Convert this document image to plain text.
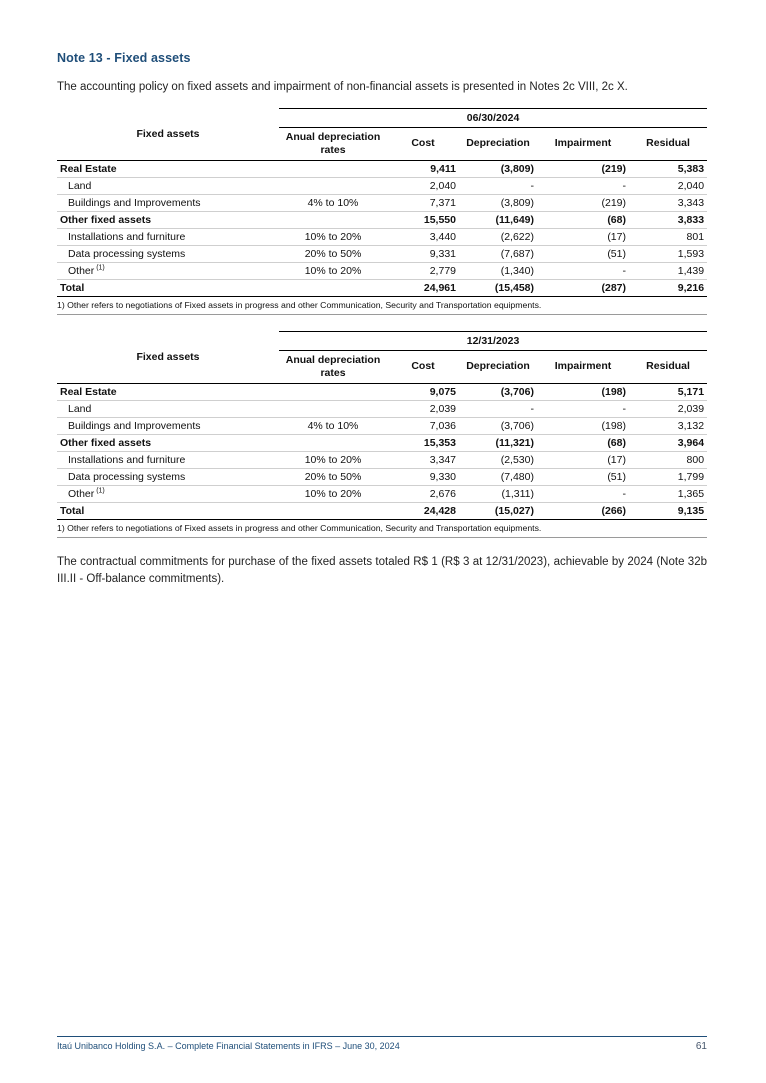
Note 13 - Fixed assets

The accounting policy on fixed assets and impairment of non-financial assets is presented in Notes 2c VIII, 2c X.

Fixed assets	06/30/2024				
	Anual depreciation rates	Cost	Depreciation	Impairment	Residual
Real Estate		9,411	(3,809)	(219)	5,383
Land		2,040	-	-	2,040
Buildings and Improvements	4% to 10%	7,371	(3,809)	(219)	3,343
Other fixed assets		15,550	(11,649)	(68)	3,833
Installations and furniture	10% to 20%	3,440	(2,622)	(17)	801
Data processing systems	20% to 50%	9,331	(7,687)	(51)	1,593
Other $^{(1)}$	10% to 20%	2,779	(1,340)	-	1,439
Total		24,961	(15,458)	(287)	9,216
1) Other refers to negotiations of Fixed assets in progress and other Communication, Security and Transportation equipments.
Fixed assets	12/31/2023				
	Anual depreciation rates	Cost	Depreciation	Impairment	Residual
Real Estate		9,075	(3,706)	(198)	5,171
Land		2,039	-	-	2,039
Buildings and Improvements	4% to 10%	7,036	(3,706)	(198)	3,132
Other fixed assets		15,353	(11,321)	(68)	3,964
Installations and furniture	10% to 20%	3,347	(2,530)	(17)	800
Data processing systems	20% to 50%	9,330	(7,480)	(51)	1,799
Other $^{(1)}$	10% to 20%	2,676	(1,311)	-	1,365
Total		24,428	(15,027)	(266)	9,135
1) Other refers to negotiations of Fixed assets in progress and other Communication, Security and Transportation equipments.

The contractual commitments for purchase of the fixed assets totaled R$ 1 (R$ 3 at 12/31/2023), achievable by 2024 (Note 32b III.II - Off-balance commitments).

Itaú Unibanco Holding S.A. – Complete Financial Statements in IFRS – June 30, 2024	61
